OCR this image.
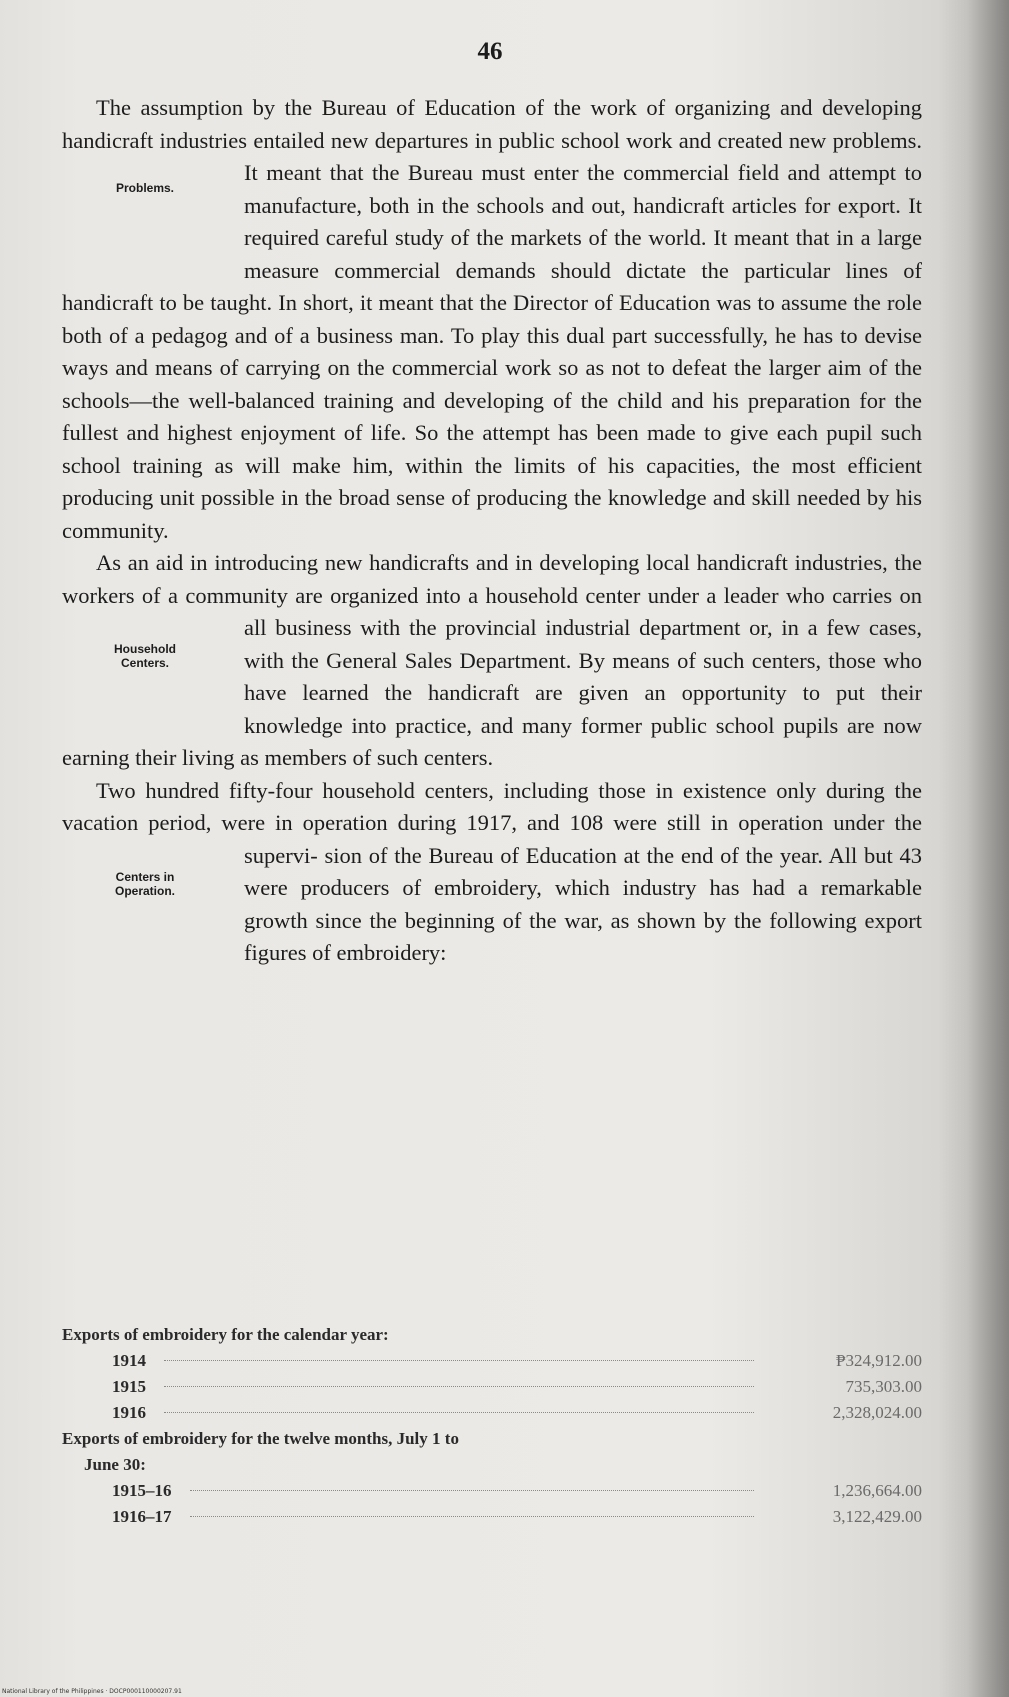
46

The assumption by the Bureau of Education of the work of organizing and developing handicraft industries entailed new departures in public school work and created new problems.
Problems.
It meant that the Bureau must enter the commercial field and attempt to manufacture, both in the schools and out, handicraft articles for export. It required careful study of the markets of the world. It meant that in a large measure commercial demands should dictate the particular lines of handicraft to be taught. In short, it meant that the Director of Education was to assume the role both of a pedagog and of a business man. To play this dual part successfully, he has to devise ways and means of carrying on the commercial work so as not to defeat the larger aim of the schools—the well-balanced training and developing of the child and his preparation for the fullest and highest enjoyment of life. So the attempt has been made to give each pupil such school training as will make him, within the limits of his capacities, the most efficient producing unit possible in the broad sense of producing the knowledge and skill needed by his community.

As an aid in introducing new handicrafts and in developing local handicraft industries, the workers of a community are organized into a household center under a leader who carries
Household
Centers.
on all business with the provincial industrial department or, in a few cases, with the General Sales Department. By means of such centers, those who have learned the handicraft are given an opportunity to put their knowledge into practice, and many former public school pupils are now earning their living as members of such centers.

Two hundred fifty-four household centers, including those in existence only during the vacation period, were in operation during 1917, and 108 were still in operation under the supervi-
Centers in
Operation.
sion of the Bureau of Education at the end of the year. All but 43 were producers of embroidery, which industry has had a remarkable growth since the beginning of the war, as shown by the following export figures of embroidery:

Exports of embroidery for the calendar year:

1914	₱324,912.00
1915	735,303.00
1916	2,328,024.00

Exports of embroidery for the twelve months, July 1 to

June 30:

1915–16	1,236,664.00
1916–17	3,122,429.00
National Library of the Philippines · DOCP000110000207.91
